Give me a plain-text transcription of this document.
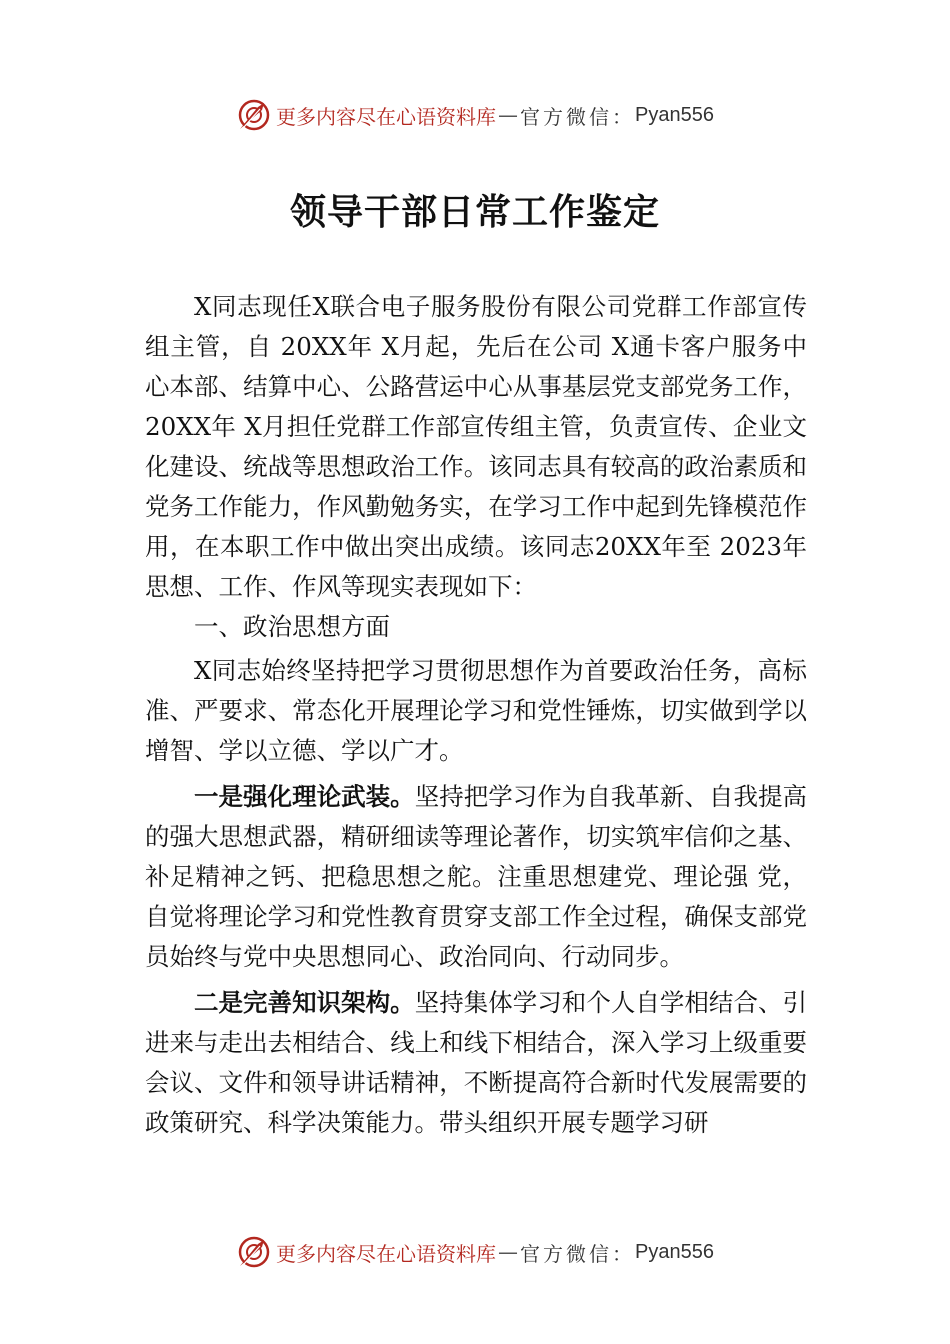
更多内容尽在心语资料库 — 官方微信： Pyan556
领导干部日常工作鉴定

X同志现任X联合电子服务股份有限公司党群工作部宣传组主管，自 20XX年 X月起，先后在公司 X通卡客户服务中心本部、结算中心、公路营运中心从事基层党支部党务工作，20XX年 X月担任党群工作部宣传组主管，负责宣传、企业文化建设、统战等思想政治工作。该同志具有较高的政治素质和党务工作能力，作风勤勉务实，在学习工作中起到先锋模范作用，在本职工作中做出突出成绩。该同志20XX年至 2023年思想、工作、作风等现实表现如下：

一、政治思想方面

X同志始终坚持把学习贯彻思想作为首要政治任务，高标准、严要求、常态化开展理论学习和党性锤炼，切实做到学以增智、学以立德、学以广才。

一是强化理论武装。坚持把学习作为自我革新、自我提高的强大思想武器，精研细读等理论著作，切实筑牢信仰之基、补足精神之钙、把稳思想之舵。注重思想建党、理论强 党，自觉将理论学习和党性教育贯穿支部工作全过程，确保支部党员始终与党中央思想同心、政治同向、行动同步。

二是完善知识架构。坚持集体学习和个人自学相结合、引进来与走出去相结合、线上和线下相结合，深入学习上级重要会议、文件和领导讲话精神，不断提高符合新时代发展需要的政策研究、科学决策能力。带头组织开展专题学习研

更多内容尽在心语资料库 — 官方微信： Pyan556
